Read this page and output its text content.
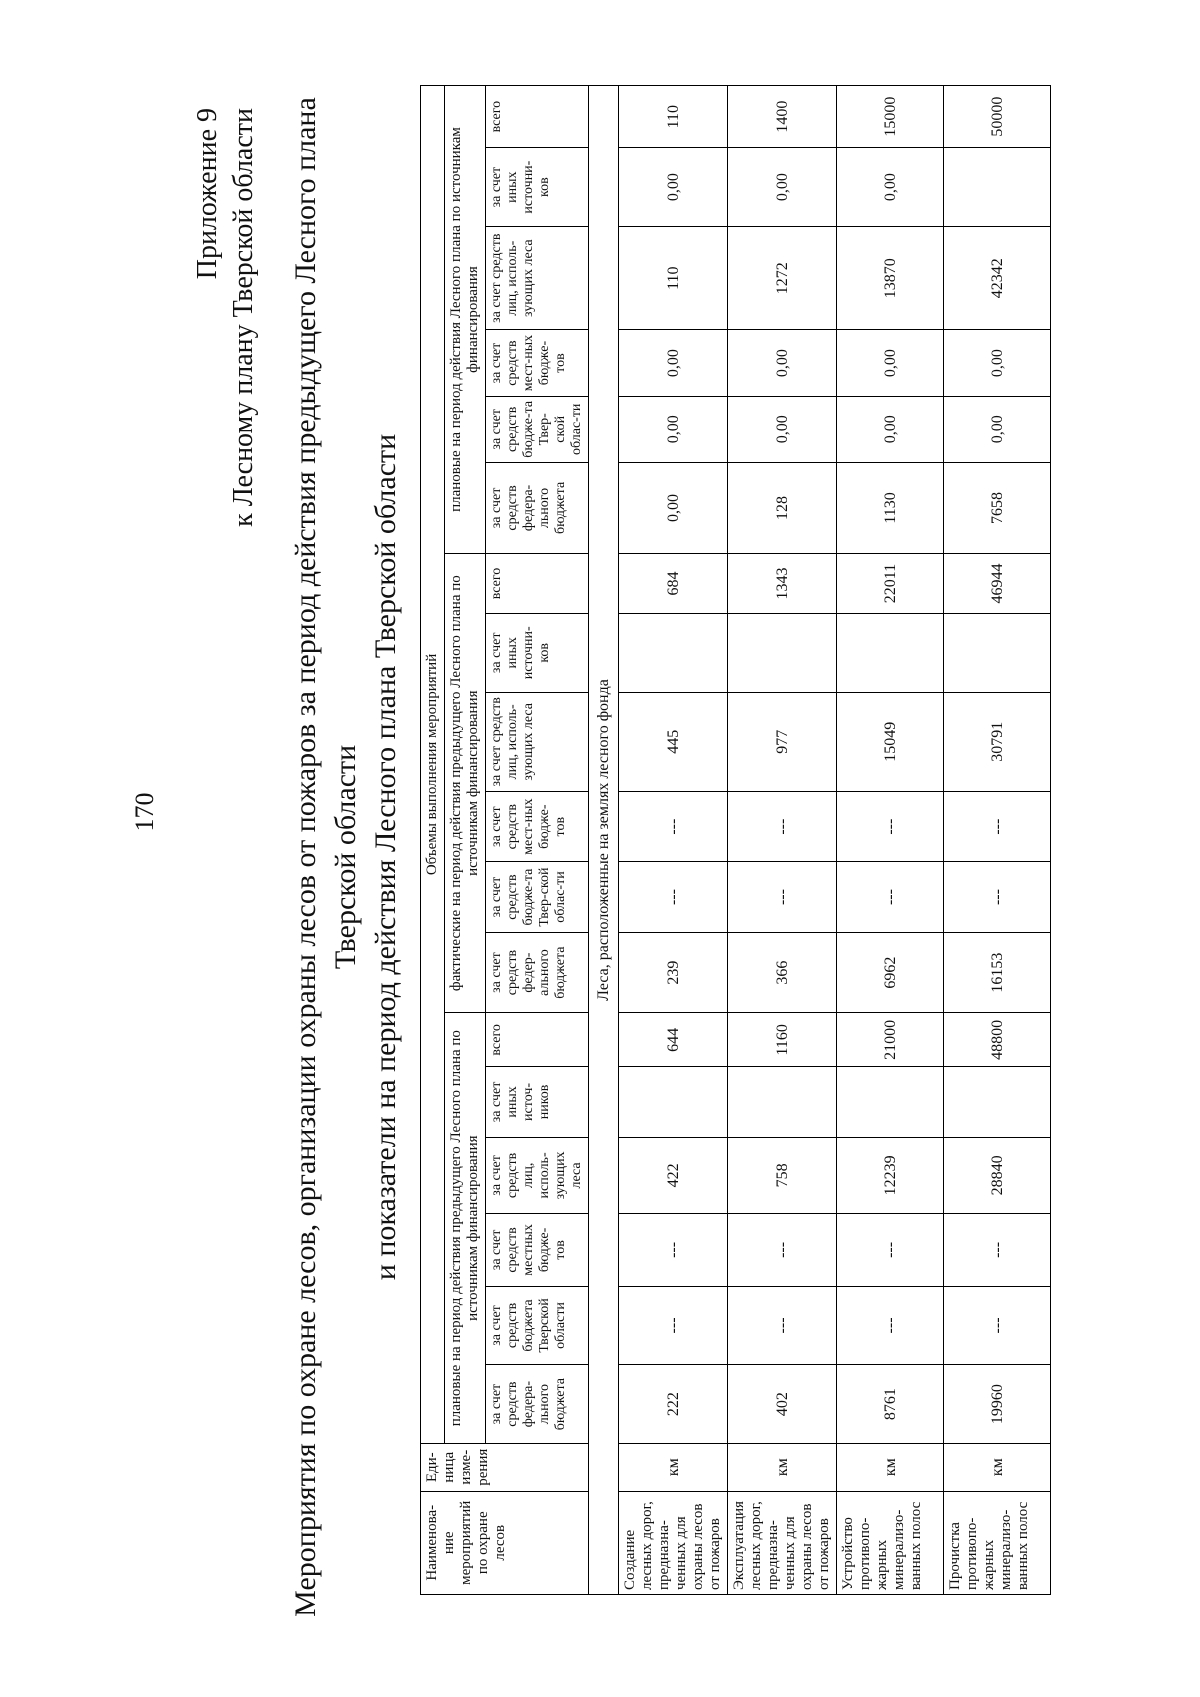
170
Приложение 9 к Лесному плану Тверской области Мероприятия по охране лесов, организации охраны лесов от пожаров за период действия предыдущего Лесного плана Тверской области и показатели на период действия Лесного плана Тверской области
Наименова-ние мероприятий по охране лесов	Еди-ница изме-рения	Объемы выполнения мероприятий																	
		плановые на период действия предыдущего Лесного плана по источникам финансирования						фактические на период действия предыдущего Лесного плана по источникам финансирования						плановые на период действия Лесного плана по источникам финансирования					
		за счет средств федера-льного бюджета	за счет средств бюджета Тверской области	за счет средств местных бюдже-тов	за счет средств лиц, исполь-зующих леса	за счет иных источ-ников	всего	за счет средств федер-ального бюджета	за счет средств бюдже-та Твер-ской облас-ти	за счет средств мест-ных бюдже-тов	за счет средств лиц, исполь-зующих леса	за счет иных источни-ков	всего	за счет средств федера-льного бюджета	за счет средств бюдже-та Твер-ской облас-ти	за счет средств мест-ных бюдже-тов	за счет средств лиц, исполь-зующих леса	за счет иных источни-ков	всего
Леса, расположенные на землях лесного фонда																			
Создание лесных дорог, предназна-ченных для охраны лесов от пожаров	км	222	---	---	422		644	239	---	---	445		684	0,00	0,00	0,00	110	0,00	110
Эксплуатация лесных дорог, предназна-ченных для охраны лесов от пожаров	км	402	---	---	758		1160	366	---	---	977		1343	128	0,00	0,00	1272	0,00	1400
Устройство противопо-жарных минерализо-ванных полос	км	8761	---	---	12239		21000	6962	---	---	15049		22011	1130	0,00	0,00	13870	0,00	15000
Прочистка противопо-жарных минерализо-ванных полос	км	19960	---	---	28840		48800	16153	---	---	30791		46944	7658	0,00	0,00	42342		50000
